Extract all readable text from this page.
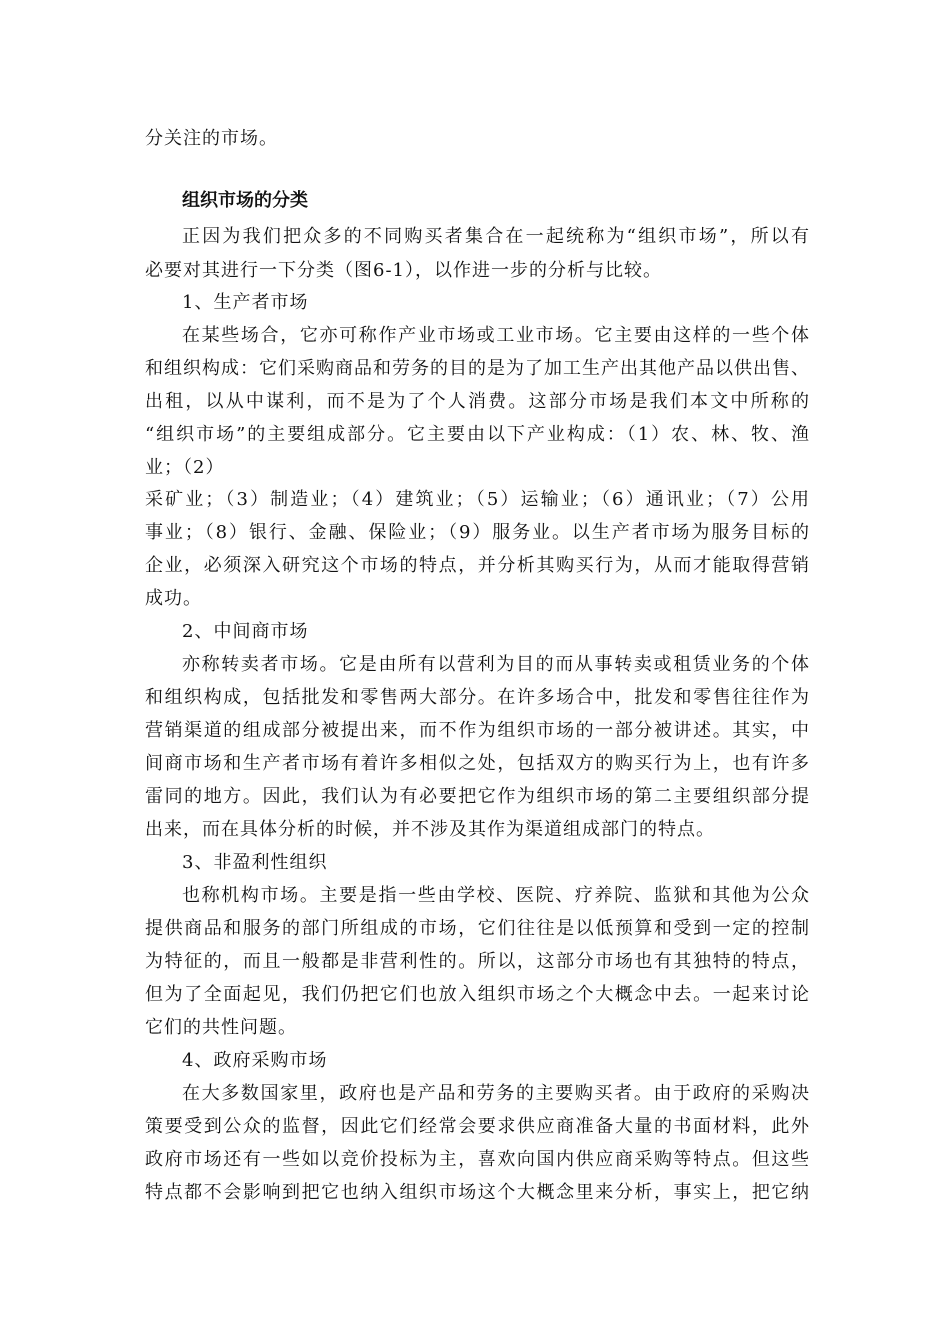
分关注的市场。

组织市场的分类

正因为我们把众多的不同购买者集合在一起统称为“组织市场”，所以有

必要对其进行一下分类（图6-1），以作进一步的分析与比较。

1、生产者市场

在某些场合，它亦可称作产业市场或工业市场。它主要由这样的一些个体

和组织构成：它们采购商品和劳务的目的是为了加工生产出其他产品以供出售、

出租，以从中谋利，而不是为了个人消费。这部分市场是我们本文中所称的

“组织市场”的主要组成部分。它主要由以下产业构成：（1）农、林、牧、渔

业；（2）

采矿业；（3）制造业；（4）建筑业；（5）运输业；（6）通讯业；（7）公用

事业；（8）银行、金融、保险业；（9）服务业。以生产者市场为服务目标的

企业，必须深入研究这个市场的特点，并分析其购买行为，从而才能取得营销

成功。

2、中间商市场

亦称转卖者市场。它是由所有以营利为目的而从事转卖或租赁业务的个体

和组织构成，包括批发和零售两大部分。在许多场合中，批发和零售往往作为

营销渠道的组成部分被提出来，而不作为组织市场的一部分被讲述。其实，中

间商市场和生产者市场有着许多相似之处，包括双方的购买行为上，也有许多

雷同的地方。因此，我们认为有必要把它作为组织市场的第二主要组织部分提

出来，而在具体分析的时候，并不涉及其作为渠道组成部门的特点。

3、非盈利性组织

也称机构市场。主要是指一些由学校、医院、疗养院、监狱和其他为公众

提供商品和服务的部门所组成的市场，它们往往是以低预算和受到一定的控制

为特征的，而且一般都是非营利性的。所以，这部分市场也有其独特的特点，

但为了全面起见，我们仍把它们也放入组织市场之个大概念中去。一起来讨论

它们的共性问题。

4、政府采购市场

在大多数国家里，政府也是产品和劳务的主要购买者。由于政府的采购决

策要受到公众的监督，因此它们经常会要求供应商准备大量的书面材料，此外

政府市场还有一些如以竞价投标为主，喜欢向国内供应商采购等特点。但这些

特点都不会影响到把它也纳入组织市场这个大概念里来分析，事实上，把它纳
